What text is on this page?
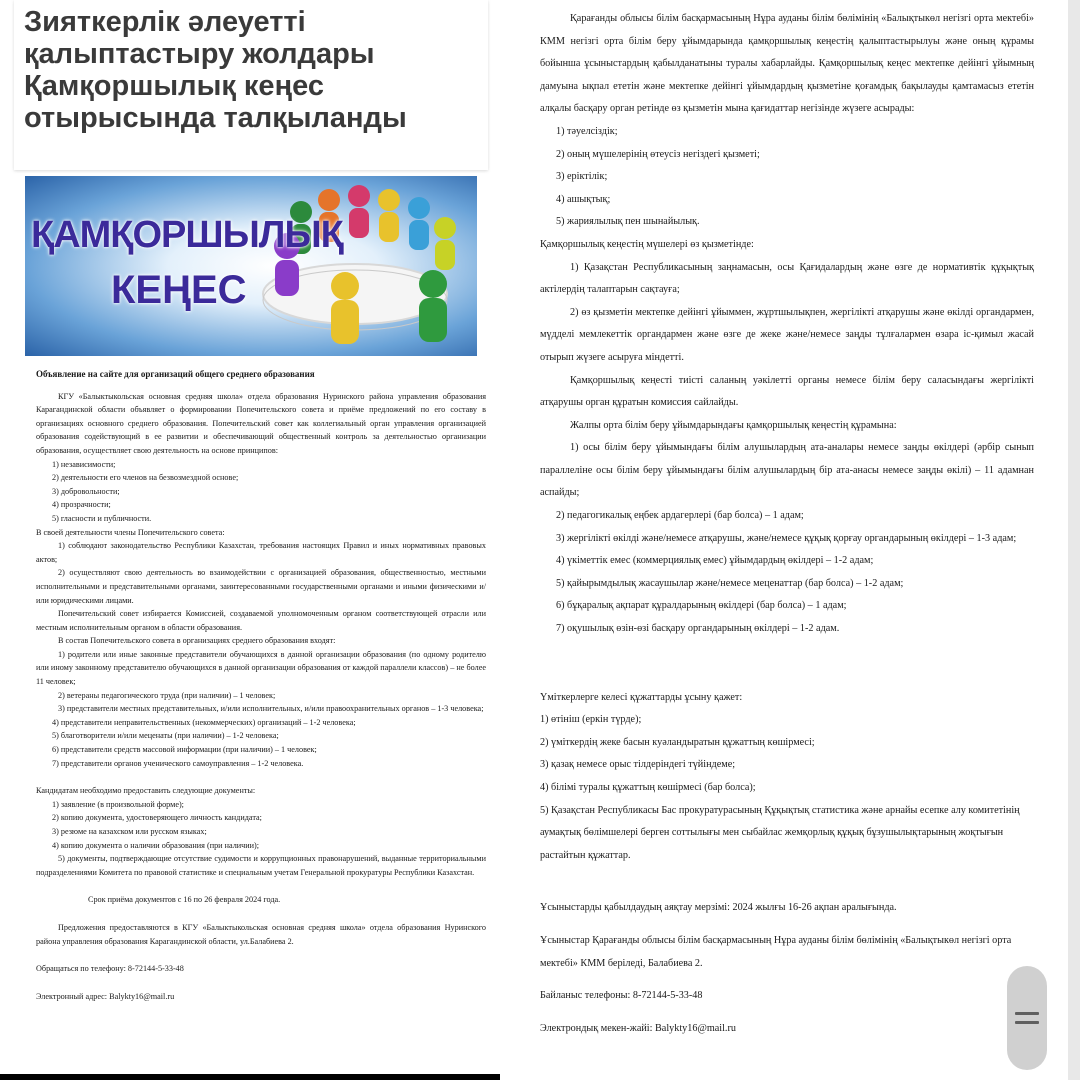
Зияткерлік әлеуетті қалыптастыру жолдары Қамқоршылық кеңес отырысында талқыланды
ҚАМҚОРШЫЛЫҚ
КЕҢЕС
Объявление на сайте для организаций общего среднего образования

КГУ «Балыктыкольская основная средняя школа» отдела образования Нуринского района управления образования Карагандинской области объявляет о формировании Попечительского совета и приёме предложений по его составу в организациях основного среднего образования. Попечительский совет как коллегиальный орган управления организацией образования содействующий в ее развитии и обеспечивающий общественный контроль за деятельностью организации образования, осуществляет свою деятельность на основе принципов:

1) независимости;

2) деятельности его членов на безвозмездной основе;

3) добровольности;

4) прозрачности;

5) гласности и публичности.

В своей деятельности члены Попечительского совета:

1) соблюдают законодательство Республики Казахстан, требования настоящих Правил и иных нормативных правовых актов;

2) осуществляют свою деятельность во взаимодействии с организацией образования, общественностью, местными исполнительными и представительными органами, заинтересованными государственными органами и иными физическими и/или юридическими лицами.

Попечительский совет избирается Комиссией, создаваемой уполномоченным органом соответствующей отрасли или местным исполнительным органом в области образования.

В состав Попечительского совета в организациях среднего образования входят:

1) родители или иные законные представители обучающихся в данной организации образования (по одному родителю или иному законному представителю обучающихся в данной организации образования от каждой параллели классов) – не более 11 человек;

2) ветераны педагогического труда (при наличии) – 1 человек;

3) представители местных представительных, и/или исполнительных, и/или правоохранительных органов – 1-3 человека;

4) представители неправительственных (некоммерческих) организаций – 1-2 человека;

5) благотворители и/или меценаты (при наличии) – 1-2 человека;

6) представители средств массовой информации (при наличии) – 1 человек;

7) представители органов ученического самоуправления – 1-2 человека.

Кандидатам необходимо предоставить следующие документы:

1) заявление (в произвольной форме);

2) копию документа, удостоверяющего личность кандидата;

3) резюме на казахском или русском языках;

4) копию документа о наличии образования (при наличии);

5) документы, подтверждающие отсутствие судимости и коррупционных правонарушений, выданные территориальными подразделениями Комитета по правовой статистике и специальным учетам Генеральной прокуратуры Республики Казахстан.

Срок приёма документов с 16 по 26 февраля 2024 года.

Предложения предоставляются в КГУ «Балыктыкольская основная средняя школа» отдела образования Нуринского района управления образования Карагандинской области, ул.Балабиева 2.

Обращаться по телефону: 8-72144-5-33-48

Электронный адрес: Balykty16@mail.ru

Қарағанды облысы білім басқармасының Нұра ауданы білім бөлімінің «Балықтыкөл негізгі орта мектебі» КММ негізгі орта білім беру ұйымдарында қамқоршылық кеңестің қалыптастырылуы және оның құрамы бойынша ұсыныстардың қабылданатыны туралы хабарлайды. Қамқоршылық кеңес мектепке дейінгі ұйымның дамуына ықпал ететін және мектепке дейінгі ұйымдардың қызметіне қоғамдық бақылауды қамтамасыз ететін алқалы басқару орган ретінде өз қызметін мына қағидаттар негізінде жүзеге асырады:

1) тәуелсіздік;

2) оның мүшелерінің өтеусіз негіздегі қызметі;

3) еріктілік;

4) ашықтық;

5) жариялылық пен шынайылық.

Қамқоршылық кеңестің мүшелері өз қызметінде:

1) Қазақстан Республикасының заңнамасын, осы Қағидалардың және өзге де нормативтік құқықтық актілердің талаптарын сақтауға;

2) өз қызметін мектепке дейінгі ұйыммен, жұртшылықпен, жергілікті атқарушы және өкілді органдармен, мүдделі мемлекеттік органдармен және өзге де жеке және/немесе заңды тұлғалармен өзара іс-қимыл жасай отырып жүзеге асыруға міндетті.

Қамқоршылық кеңесті тиісті саланың уәкілетті органы немесе білім беру саласындағы жергілікті атқарушы орган құратын комиссия сайлайды.

Жалпы орта білім беру ұйымдарындағы қамқоршылық кеңестің құрамына:

1) осы білім беру ұйымындағы білім алушылардың ата-аналары немесе заңды өкілдері (әрбір сынып параллеліне осы білім беру ұйымындағы білім алушылардың бір ата-анасы немесе заңды өкілі) – 11 адамнан аспайды;

2) педагогикалық еңбек ардагерлері (бар болса) – 1 адам;

3) жергілікті өкілді және/немесе атқарушы, және/немесе құқық қорғау органдарының өкілдері – 1-3 адам;

4) үкіметтік емес (коммерциялық емес) ұйымдардың өкілдері – 1-2 адам;

5) қайырымдылық жасаушылар және/немесе меценаттар (бар болса) – 1-2 адам;

6) бұқаралық ақпарат құралдарының өкілдері (бар болса) – 1 адам;

7) оқушылық өзін-өзі басқару органдарының өкілдері – 1-2 адам.

Үміткерлерге келесі құжаттарды ұсыну қажет:

1) өтініш (еркін түрде);

2) үміткердің жеке басын куәландыратын құжаттың көшірмесі;

3) қазақ немесе орыс тілдеріндегі түйіндеме;

4) білімі туралы құжаттың көшірмесі (бар болса);

5) Қазақстан Республикасы Бас прокуратурасының Құқықтық статистика және арнайы есепке алу комитетінің аумақтық бөлімшелері берген соттылығы мен сыбайлас жемқорлық құқық бұзушылықтарының жоқтығын растайтын құжаттар.

Ұсыныстарды қабылдаудың аяқтау мерзімі: 2024 жылғы 16-26 ақпан аралығында.

Ұсыныстар Қарағанды облысы білім басқармасының Нұра ауданы білім бөлімінің «Балықтыкөл негізгі орта мектебі» КММ беріледі, Балабиева 2.

Байланыс телефоны: 8-72144-5-33-48

Электрондық мекен-жайі: Balykty16@mail.ru
